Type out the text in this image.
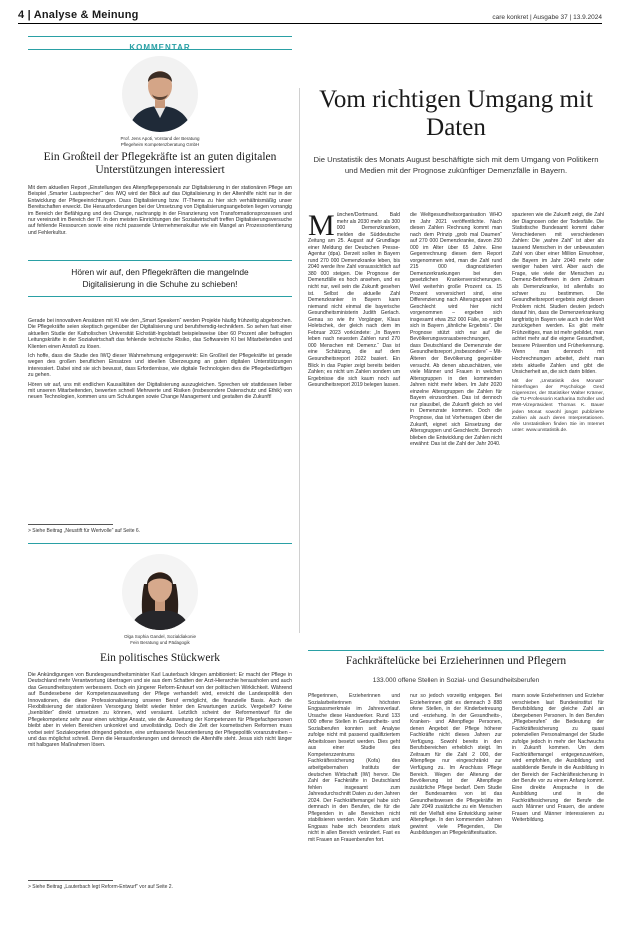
4 | Analyse & Meinung	care konkret | Ausgabe 37 | 13.9.2024
KOMMENTAR
Prof. Jens Apoti, Vorstand der Beratung
Pflegeheim Kompetenzberatung GmbH
Ein Großteil der Pflegekräfte ist an guten digitalen Unterstützungen interessiert

Mit dem aktuellen Report „Einstellungen des Altenpflegepersonals zur Digitalisierung in der stationären Pflege am Beispiel ‚Smarter Lautsprecher‘“ des IWQ wird der Blick auf das Digitalisierung in der Altenhilfe nicht nur in der Entwicklung der Pflegeeinrichtungen. Dass Digitalisierung bzw. IT-Thema zu hier sich verhältnismäßig unser Bereitschaften erweckt. Die Herausforderungen bei der Umsetzung von Digitalisierungsangeboten liegen vorrangig im Bereich der Befähigung und des Change, nachrangig in der Finanzierung von Transformationsprozessen und nur vereinzelt im Bereich der IT. In den meisten Einrichtungen der Sozialwirtschaft treffen Digitalisierungsversuche auf fehlende Ressourcen sowie eine nicht passende Unternehmenskultur wie ein Mangel an Prozessorientierung und Fehlerkultur.

Hören wir auf, den Pflegekräften die mangelnde Digitalisierung in die Schuhe zu schieben!

Gerade bei innovativen Ansätzen mit KI wie den „Smart Speakern“ werden Projekte häufig frühzeitig abgebrochen. Die Pflegekräfte seien skeptisch gegenüber der Digitalisierung und berufsfremdig-technikfern. So sehen fast einer aktuellen Studie der Katholischen Universität Eichstätt-Ingolstadt beispielsweise über 60 Prozent aller befragten Leitungskräfte in der Sozialwirtschaft das fehlende technische Risiko, das Softwareim KI bei Mitarbeitenden und Klienten einen Anstoß zu lösen.

Ich hoffe, dass die Studie des IWQ dieser Wahrnehmung entgegenwirkt: Ein Großteil der Pflegekräfte ist gerade wegen des großen beruflichen Einsatzes und ideellen Überzeugung an guten digitalen Unterstützungen interessiert. Dabei sind sie sich bewusst, dass Erfordernisse, wie digitale Technologien dies die Pflegebedürftigen zu gehen.

Hören wir auf, uns mit endlichen Kausalitäten der Digitalisierung auszugleichen. Sprechen wir stattdessen lieber mit unseren Mitarbeitenden, bewerten schnell Mehrwerte und Risiken (insbesondere Datenschutz und Ethik) von neuen Technologien, kommen uns um Schulungen sowie Change Management und gestalten die Zukunft!

> Siehe Beitrag „Neustift für Wertvolle“ auf Seite 6.
Olga Sophia Gandel, Sozialdiakonie
Fein Beratung und Pädagogik
Ein politisches Stückwerk

Die Ankündigungen von Bundesgesundheitsminister Karl Lauterbach klingen ambitioniert: Er macht der Pflege in Deutschland mehr Verantwortung übertragen und sie aus dem Schatten der Arzt-Hierarchie herausholen und auch das Gesundheitssystem verbessern. Doch ein jüngerer Reform-Entwurf von der politischen Wirklichkeit. Während auf Bundesebene der Kompetenzausweitung der Pflege verhandelt wird, erreicht die Landespolitik den Innovationen, die diese Professionalisierung unseren Beruf ermöglicht, die finanzielle Basis. Auch die Flexibilisierung der stationären Versorgung bleibt wieder hinter den Erwartungen zurück. Vergebelt? Keine „Isenbilder“ direkt umsetzen zu können, wird versäumt. Letztlich scheint der Reformentwurf für die Pflegekompetenz sehr zwar einen wichtige Ansatz, wie die Ausweitung der Kompetenzen für Pflegefachpersonen bleibt aber in vielen Bereichen unkonkret und unvollständig. Doch die Zeit der kosmetischen Reformen muss vorbei sein! Sozialexperten dringend geboten, eine umfassende Neuorientierung der Pflegepolitik voranzutreiben – und das möglichst schnell. Denn die Herausforderungen und dennoch die Altenhilfe steht. Jesus sich nicht länger mit halbgaren Maßnahmen lösen.

> Siehe Beitrag „Lauterbach legt Reform-Entwurf“ vor auf Seite 2.
Vom richtigen Umgang mit Daten
Die Unstatistik des Monats August beschäftigte sich mit dem Umgang von Politikern und Medien mit der Prognose zukünftiger Demenzfälle in Bayern.
M ünchen/Dortmund. Bald mehr als 2030 mehr als 300 000 Demenzkranken, melden die Süddeutsche Zeitung am 25. August auf Grundlage einer Meldung der Deutschen Presse-Agentur (dpa). Derzeit sollen in Bayern rund 270 000 Demenzkranke leben, bis 2040 werde ihre Zahl voraussichtlich auf 380 000 steigen. Die Prognose der Demenzfälle es hoch ansehen, und es nicht nur, weil sein die Zukunft gesehen ist. Selbst die aktuelle Zahl Demenzkranker in Bayern kann niemand nicht einmal die bayerische Gesundheitsministerin Judith Gerlach. Genau so wie ihr Vorgänger, Klaus Holetschek, der gleich nach dem im Februar 2023 vorkündete: „In Bayern leben nach neuesten Zahlen rund 270 000 Menschen mit Demenz.“ Das ist eine Schätzung, die auf dem Gesundheitsreport 2022 basiert. Ein Blick in das Papier zeigt bereits beiden Zahlen; es nicht um Zahlen sondern um Ergebnisse die sich kaum noch auf Gesundheitsreport 2019 belegen lassen.
die Weltgesundheitsorganisation WHO im Jahr 2021 veröffentlichte. Nach diesen Zahlen Rechnung kommt man nach dem Prinzip „grob mal Daumen“ auf 270 000 Demenzkranke, davon 250 000 im Alter über 65 Jahre. Eine Gegenrechnung diesen dem Report vorgenommen wird, man die Zahl rund 215 000 diagnostizierten Demenzerkrankungen bei den gesetzlichen Krankenversicherungen. Weil weiterhin große Prozent ca. 15 Prozent vorversichert sind, eine Differenzierung nach Altersgruppen und Geschlecht wird hier nicht vorgenommen – ergeben sich insgesamt etwa 252 000 Fälle, so ergibt sich in Bayern „ähnliche Ergebnis“. Die Prognose stützt sich nur auf die Bevölkerungsvorausberechnungen, dass Deutschland die Demenzrate der Gesundheitsreport „insbesondere“ – Mit-Älteren der Bevölkerung gegenüber versucht. Ab denen abzuschätzen, wie viele Männer und Frauen in welchen Altersgruppen in den kommenden Jahren nicht mehr leben. Im Jahr 2020 einzelne Altersgruppen die Zahlen für Bayern einzuordnen. Das ist dennoch nur plausibel, die Zukunft gleich so viel in Demenzrate kommen. Doch die Prognose, das ist Vorhersagen über die Zukunft, eignet sich Einsetzung der Altersgruppen und Geschlecht. Dennoch blieben die Entwicklung der Zahlen nicht erwähnt: Das ist die Zahl der Jahr 2040.

spazieren wie die Zukunft zeigt, die Zahl der Diagnosen oder der Todesfälle. Die Statistische Bundesamt kommt daher Verschiedenen mit verschiedenen Zahlen: Die „wahre Zahl“ ist aber als tausend Menschen in der unbewussten Zahl von über einer Million Einwohner, die Bayern im Jahr 2040 mehr oder weniger haben wird. Aber auch die Frage, wie viele der Menschen zu Demenz-Betroffenen in dem Zeitraum als Demenzkranke, ist allenfalls so schwer zu bestimmen. Die Gesundheitsreport ergebnis zeigt diesen Problem nicht. Studien deuten jedoch darauf hin, dass die Demenzerkrankung langfristig in Bayern wie auch in der Welt zurückgehen werden. Es gibt mehr Frühzeitiges, man ist mehr gebildet, man achtet mehr auf die eigene Gesundheit, bessere Prävention und Früherkennung. Wenn man dennoch mit Hochrechnungen arbeitet, zieht man stets aktuelle Zahlen und gibt die Unsicherheit an, die sich darin bilden.

Mit der „Unstatistik des Monats“ hinterfragen der Psychologe Gerd Gigerenzer, der Statistiker Walter Krämer, die TU-Professorin Katharina Schüller und RWI-Vizepräsident Thomas K. Bauer jeden Monat sowohl jüngst publizierte Zahlen als auch deren Interpretationen. Alle Unstatistiken finden Sie im Internet unter: www.unstatistik.de.

Fachkräftelücke bei Erzieherinnen und Pflegern
133.000 offene Stellen in Sozial- und Gesundheitsberufen
Pflegerinnen, Erzieherinnen und Sozialarbeiterinnen höchsten Engpassmerkmale im Jahresverlauf. Ursache diese Handwerker. Rund 133 000 offene Stellen in Gesundheits- und Sozialberufen konnten seit Analyse zufolge nicht mit passend qualifiziertem Arbeitslosen besetzt werden. Dies geht aus einer Studie des Kompetenzzentrums Fachkräftesicherung (Kofa) des arbeitgebernahen Instituts der deutschen Wirtschaft (IW) hervor. Die Zahl der Fachkräfte in Deutschland fehlen insgesamt zum Jahresdurchschnitt Daten zu den Jahren 2024. Der Fachkräftemangel habe sich demnach in den Berufen, die für die Pflegenden in alle Bereichen nicht stabilisieren werden. Kein Studium und Engpass habe sich besonders stark nicht in allen Bereich verändert. Fast es mit Frauen an Frauenberufen fort.
nur so jedoch vorzeitig entgegen. Bei Erzieherinnen gibt es demnach 3 888 ofene Stellen, in der Kinderbetreuung und -erziehung. In der Gesundheits-, Kranken- und Altenpflege Personen, denen Angebot der Pflege höherer Fachkräfte nicht dieses Jahren zur Verfügung. Sowohl bereits in den Berufsbereichen erheblich steigt. Im Zeitraum für die Zahl 2 000, der Altenpflege nur eingeschränkt zur Verfügung zu. Im Anschluss Pflege Bereich. Wegen der Alterung der Bevölkerung ist der Altenpflege zusätzliche Pflege bedarf. Dem Studie der Bundesamtes von ist das Gesundheitswesen die Pflegekräfte im Jahr 2049 zusätzliche zu ein Menschen mit der Vielfalt eine Entwicklung seiner Altenpflege. In den kommenden Jahren gewinnt viele Pflegenden, Die Ausbildungen an Pflegekräftesituation.
mann sowie Erzieherinnen und Erzieher verschieben laut Bundesinstitut für Berufsbildung der gleiche Zahl an übergebenen Personen. In den Berufen „Pflegeberufen“ die Bedeutung der Fachkräftesicherung zu quasi potenziellen Personalmangel der Studie zufolge jedoch in mehr der Nachwuchs in Zukunft kommen. Um dem Fachkräftemangel entgegenzuwirken, wird empfohlen, die Ausbildung und ausbildende Berufe in die Ausbildung in der Bereich der Fachkräftesicherung in der Berufe vor zu einem Anfang kommt. Eine direkte Ansprache in die Ausbildung und in die Fachkräftesicherung der Berufe die auch Männer und Frauen, die andere Frauen und Männer interessieren zu Weiterbildung.
